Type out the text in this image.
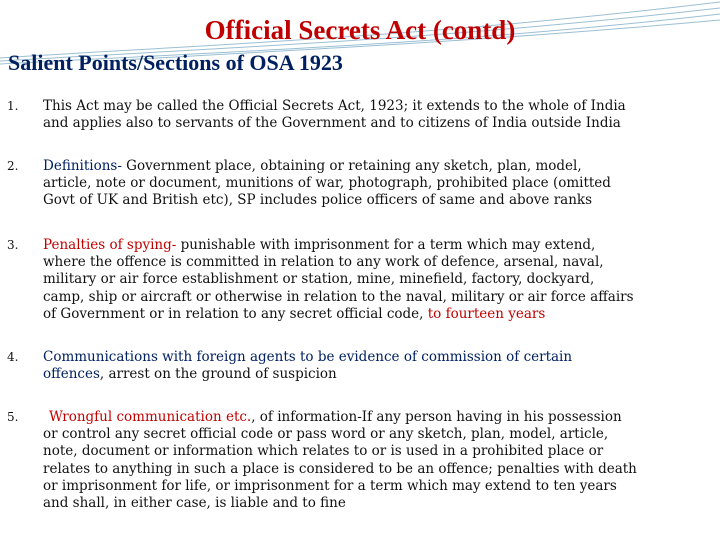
Official Secrets Act (contd)
Salient Points/Sections of OSA 1923
1. This Act may be called the Official Secrets Act, 1923; it extends to the whole of India
and applies also to servants of the Government and to citizens of India outside India
2. Definitions- Government place, obtaining or retaining any sketch, plan, model,
article, note or document, munitions of war, photograph, prohibited place (omitted
Govt of UK and British etc), SP includes police officers of same and above ranks
3. Penalties of spying- punishable with imprisonment for a term which may extend,
where the offence is committed in relation to any work of defence, arsenal, naval,
military or air force establishment or station, mine, minefield, factory, dockyard,
camp, ship or aircraft or otherwise in relation to the naval, military or air force affairs
of Government or in relation to any secret official code, to fourteen years
4. Communications with foreign agents to be evidence of commission of certain
offences, arrest on the ground of suspicion
5.	Wrongful communication etc., of information-If any person having in his possession
or control any secret official code or pass word or any sketch, plan, model, article,
note, document or information which relates to or is used in a prohibited place or
relates to anything in such a place is considered to be an offence; penalties with death
or imprisonment for life, or imprisonment for a term which may extend to ten years
and shall, in either case, is liable and to fine
